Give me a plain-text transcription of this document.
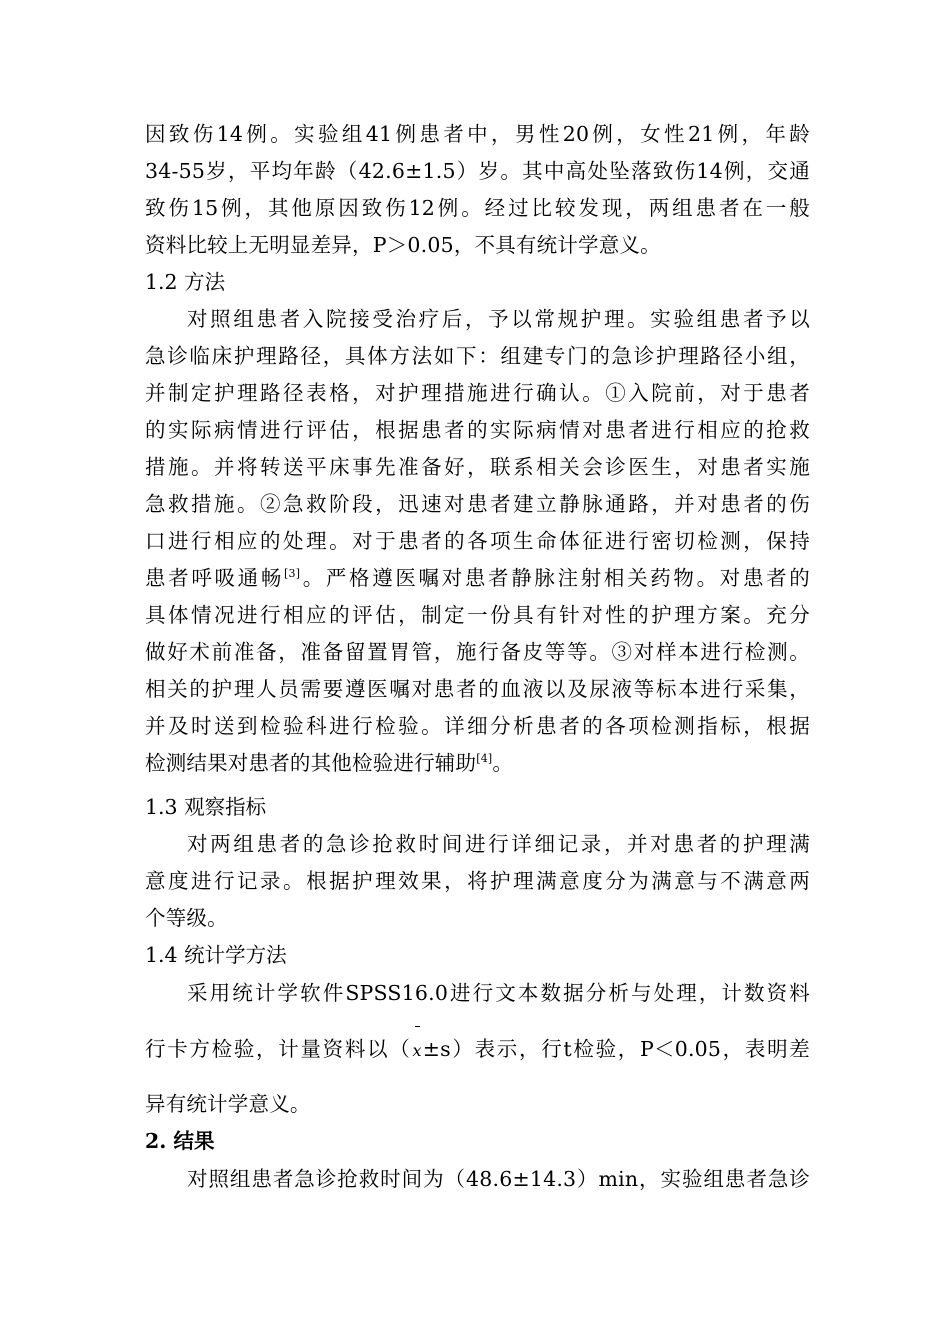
因致伤14例。实验组41例患者中，男性20例，女性21例，年龄
34-55岁，平均年龄（42.6±1.5）岁。其中高处坠落致伤14例，交通
致伤15例，其他原因致伤12例。经过比较发现，两组患者在一般
资料比较上无明显差异，P＞0.05，不具有统计学意义。
1.2 方法
对照组患者入院接受治疗后，予以常规护理。实验组患者予以
急诊临床护理路径，具体方法如下：组建专门的急诊护理路径小组，
并制定护理路径表格，对护理措施进行确认。①入院前，对于患者
的实际病情进行评估，根据患者的实际病情对患者进行相应的抢救
措施。并将转送平床事先准备好，联系相关会诊医生，对患者实施
急救措施。②急救阶段，迅速对患者建立静脉通路，并对患者的伤
口进行相应的处理。对于患者的各项生命体征进行密切检测，保持
患者呼吸通畅[3]。严格遵医嘱对患者静脉注射相关药物。对患者的
具体情况进行相应的评估，制定一份具有针对性的护理方案。充分
做好术前准备，准备留置胃管，施行备皮等等。③对样本进行检测。
相关的护理人员需要遵医嘱对患者的血液以及尿液等标本进行采集，
并及时送到检验科进行检验。详细分析患者的各项检测指标，根据
检测结果对患者的其他检验进行辅助[4]。
1.3 观察指标
对两组患者的急诊抢救时间进行详细记录，并对患者的护理满
意度进行记录。根据护理效果，将护理满意度分为满意与不满意两
个等级。
1.4 统计学方法
采用统计学软件SPSS16.0进行文本数据分析与处理，计数资料
行卡方检验，计量资料以（x±s）表示，行t检验，P＜0.05，表明差
异有统计学意义。
2. 结果
对照组患者急诊抢救时间为（48.6±14.3）min，实验组患者急诊
